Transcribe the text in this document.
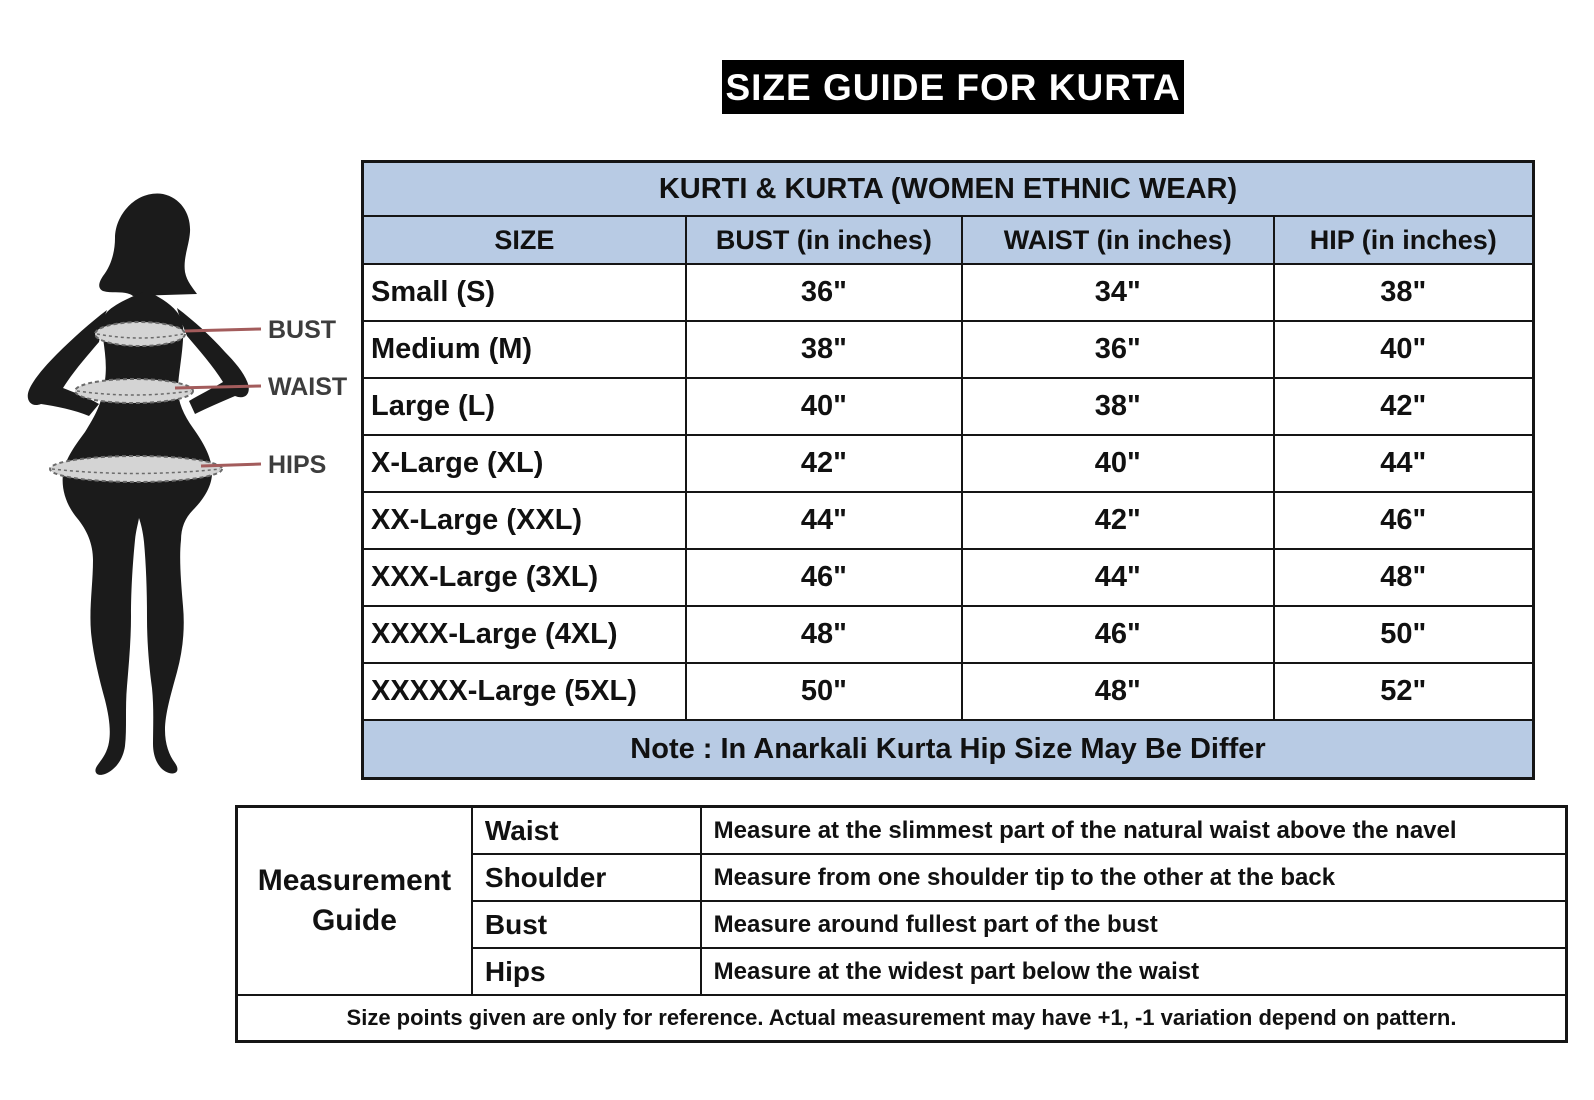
SIZE GUIDE FOR KURTA
BUST
WAIST
HIPS
KURTI & KURTA (WOMEN ETHNIC WEAR)			
SIZE	BUST (in inches)	WAIST (in inches)	HIP (in inches)
Small (S)	36"	34"	38"
Medium (M)	38"	36"	40"
Large (L)	40"	38"	42"
X-Large (XL)	42"	40"	44"
XX-Large (XXL)	44"	42"	46"
XXX-Large (3XL)	46"	44"	48"
XXXX-Large (4XL)	48"	46"	50"
XXXXX-Large (5XL)	50"	48"	52"
Note : In Anarkali Kurta Hip Size May Be Differ			
Measurement Guide	Waist	Measure at the slimmest part of the natural waist above the navel
	Shoulder	Measure from one shoulder tip to the other at the back
	Bust	Measure around fullest part of the bust
	Hips	Measure at the widest part below the waist
Size points given are only for reference. Actual measurement may have +1, -1 variation depend on pattern.		
